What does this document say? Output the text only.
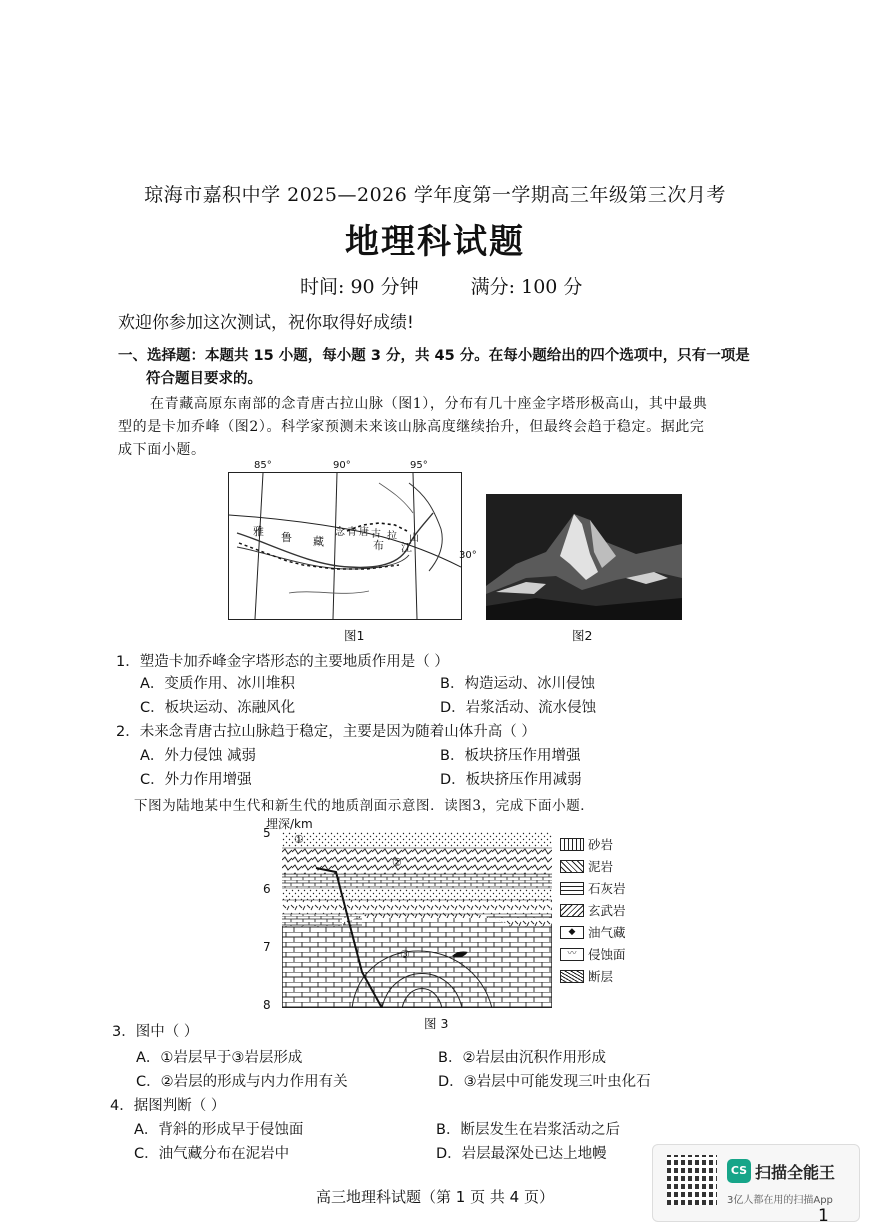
琼海市嘉积中学 2025—2026 学年度第一学期高三年级第三次月考
地理科试题
时间: 90 分钟	满分: 100 分
欢迎你参加这次测试，祝你取得好成绩!
一、选择题：本题共 15 小题，每小题 3 分，共 45 分。在每小题给出的四个选项中，只有一项是
符合题目要求的。
在青藏高原东南部的念青唐古拉山脉（图1），分布有几十座金字塔形极高山，其中最典
型的是卡加乔峰（图2）。科学家预测未来该山脉高度继续抬升，但最终会趋于稳定。据此完
成下面小题。
85°	90°	95°
雅 鲁 藏	布 江
念 青 唐 古 拉 山
30°
图1	图2
1．塑造卡加乔峰金字塔形态的主要地质作用是（ ）
A．变质作用、冰川堆积	B．构造运动、冰川侵蚀
C．板块运动、冻融风化	D．岩浆活动、流水侵蚀
2．未来念青唐古拉山脉趋于稳定，主要是因为随着山体升高（ ）
A．外力侵蚀 减弱	B．板块挤压作用增强
C．外力作用增强	D．板块挤压作用减弱
下图为陆地某中生代和新生代的地质剖面示意图．读图3，完成下面小题．
埋深/km
5
6
7
8
①
②
③
砂岩
泥岩
石灰岩
玄武岩
◆	油气藏
〰 侵蚀面
断层
图 3
3．图中（ ）
A．①岩层早于③岩层形成	B．②岩层由沉积作用形成
C．②岩层的形成与内力作用有关	D．③岩层中可能发现三叶虫化石
4．据图判断（ ）
A．背斜的形成早于侵蚀面	B．断层发生在岩浆活动之后
C．油气藏分布在泥岩中	D．岩层最深处已达上地幔
高三地理科试题（第 1 页 共 4 页）
CS 扫描全能王
3亿人都在用的扫描App
1
